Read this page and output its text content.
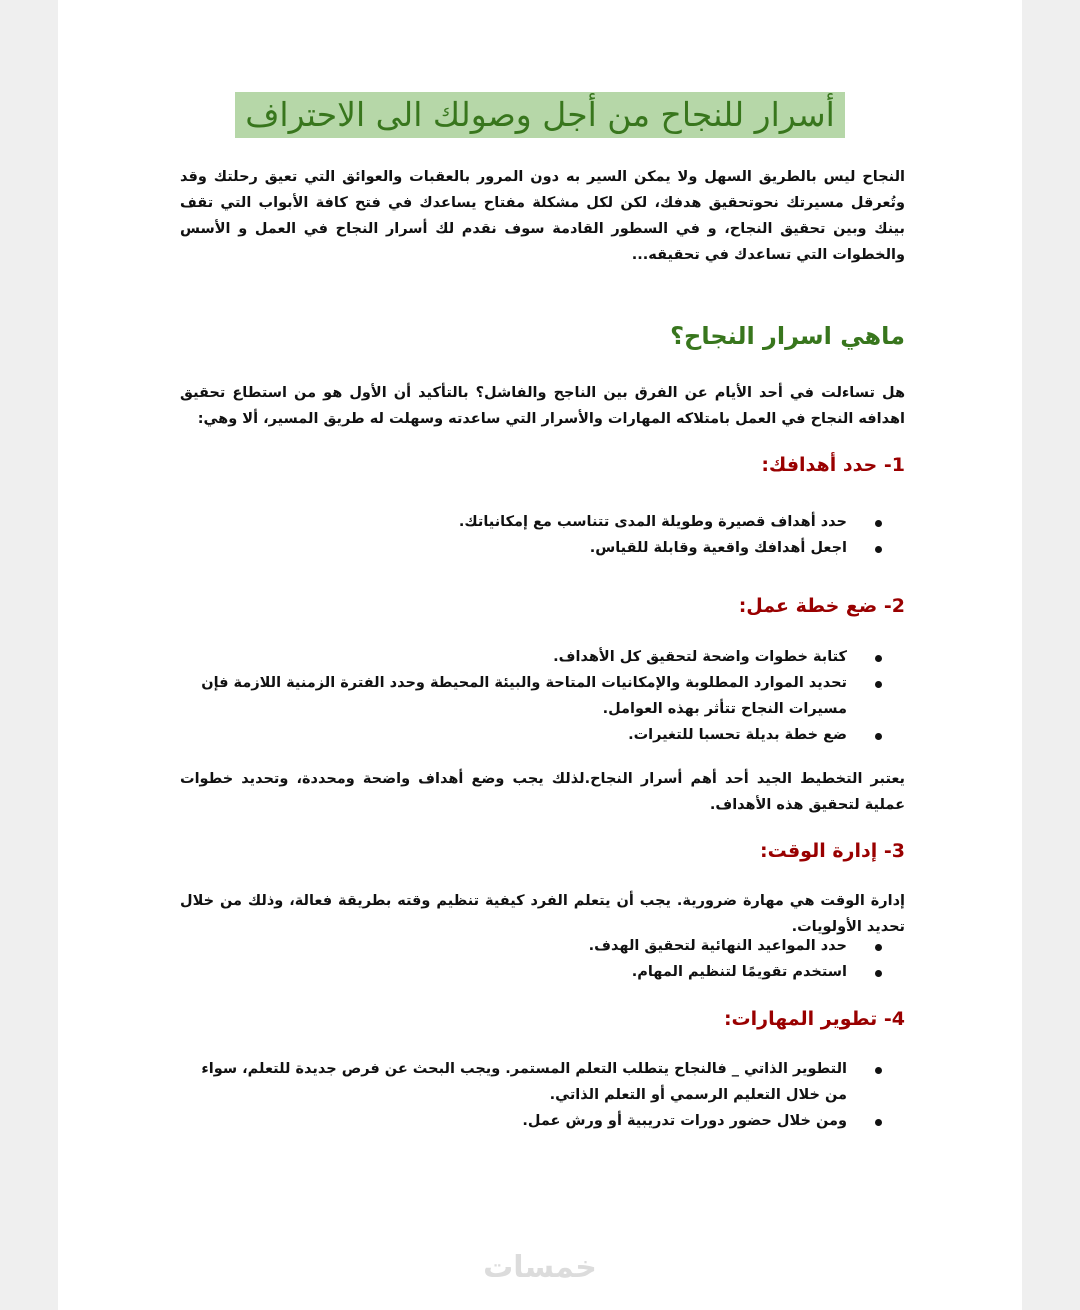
أسرار للنجاح من أجل وصولك الى الاحتراف
النجاح ليس بالطريق السهل ولا يمكن السير به دون المرور بالعقبات والعوائق التي تعيق رحلتك وقد وتُعرقل مسيرتك نحوتحقيق هدفك، لكن لكل مشكلة مفتاح يساعدك في فتح كافة الأبواب التي تقف بينك وبين تحقيق النجاح، و في السطور القادمة سوف نقدم لك أسرار النجاح في العمل و الأسس والخطوات التي تساعدك في تحقيقه...
ماهي اسرار النجاح؟
هل تساءلت في أحد الأيام عن الفرق بين الناجح والفاشل؟ بالتأكيد أن الأول هو من استطاع تحقيق اهدافه النجاح في العمل بامتلاكه المهارات والأسرار التي ساعدته وسهلت له طريق المسير، ألا وهي:
1- حدد أهدافك:
حدد أهداف قصيرة وطويلة المدى تتناسب مع إمكانياتك.
اجعل أهدافك واقعية وقابلة للقياس.
2- ضع خطة عمل:
كتابة خطوات واضحة لتحقيق كل الأهداف.
تحديد الموارد المطلوبة والإمكانيات المتاحة والبيئة المحيطة وحدد الفترة الزمنية اللازمة فإن مسيرات النجاح تتأثر بهذه العوامل.
ضع خطة بديلة تحسبا للتغيرات.
يعتبر التخطيط الجيد أحد أهم أسرار النجاح.لذلك يجب وضع أهداف واضحة ومحددة، وتحديد خطوات عملية لتحقيق هذه الأهداف.
3- إدارة الوقت:
إدارة الوقت هي مهارة ضرورية. يجب أن يتعلم الفرد كيفية تنظيم وقته بطريقة فعالة، وذلك من خلال تحديد الأولويات.
حدد المواعيد النهائية لتحقيق الهدف.
استخدم تقويمًا لتنظيم المهام.
4- تطوير المهارات:
التطوير الذاتي _ فالنجاح يتطلب التعلم المستمر. ويجب البحث عن فرص جديدة للتعلم، سواء من خلال التعليم الرسمي أو التعلم الذاتي.
ومن خلال حضور دورات تدريبية أو ورش عمل.
خمسات
